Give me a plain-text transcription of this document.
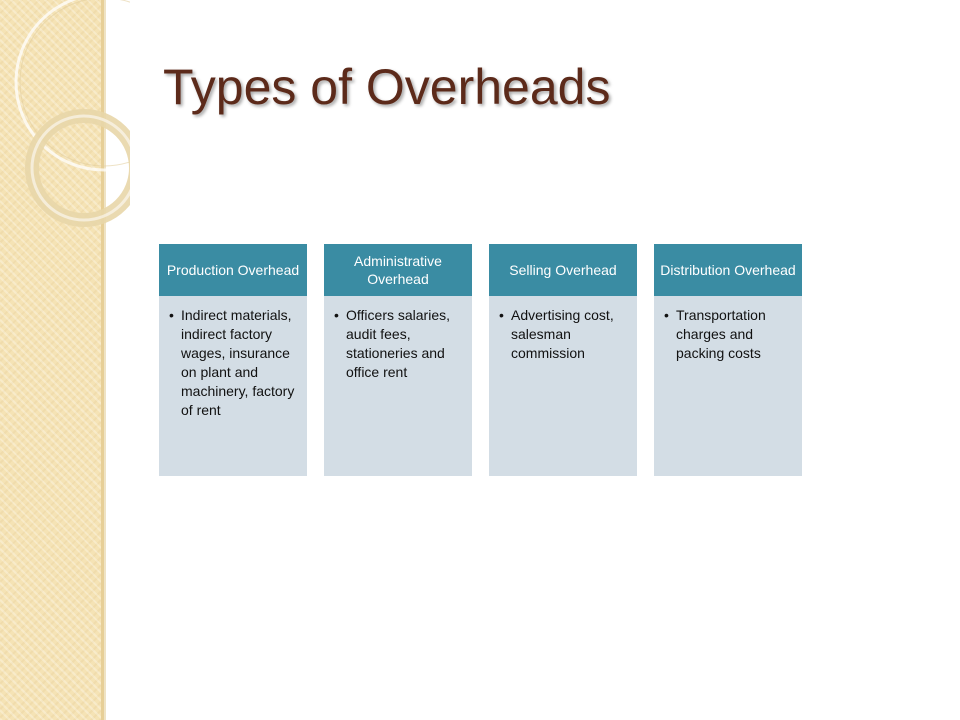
Types of Overheads
• Indirect materials, indirect factory wages, insurance on plant and machinery, factory of rent
Production Overhead
• Officers salaries, audit fees, stationeries and office rent
Administrative Overhead
• Advertising cost, salesman commission
Selling Overhead
• Transportation charges and packing costs
Distribution Overhead
